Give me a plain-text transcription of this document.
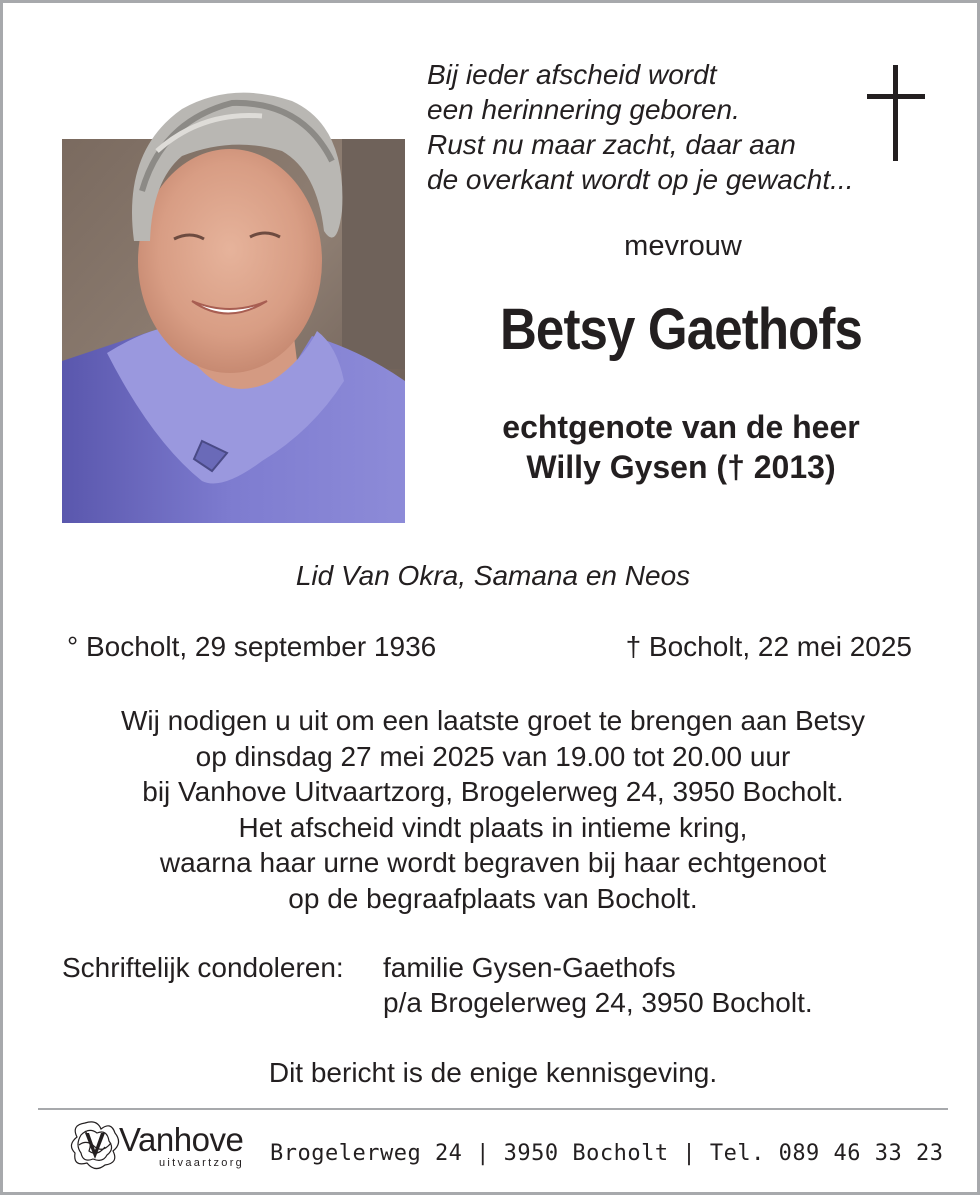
Bij ieder afscheid wordt
een herinnering geboren.
Rust nu maar zacht, daar aan
de overkant wordt op je gewacht...
mevrouw
Betsy Gaethofs
echtgenote van de heer
Willy Gysen († 2013)
Lid Van Okra, Samana en Neos
° Bocholt, 29 september 1936	† Bocholt, 22 mei 2025
Wij nodigen u uit om een laatste groet te brengen aan Betsy
op dinsdag 27 mei 2025 van 19.00 tot 20.00 uur
bij Vanhove Uitvaartzorg, Brogelerweg 24, 3950 Bocholt.
Het afscheid vindt plaats in intieme kring,
waarna haar urne wordt begraven bij haar echtgenoot
op de begraafplaats van Bocholt.
Schriftelijk condoleren: familie Gysen-Gaethofs
p/a Brogelerweg 24, 3950 Bocholt.
Dit bericht is de enige kennisgeving.
Vanhove
uitvaartzorg Brogelerweg 24 | 3950 Bocholt | Tel. 089 46 33 23
